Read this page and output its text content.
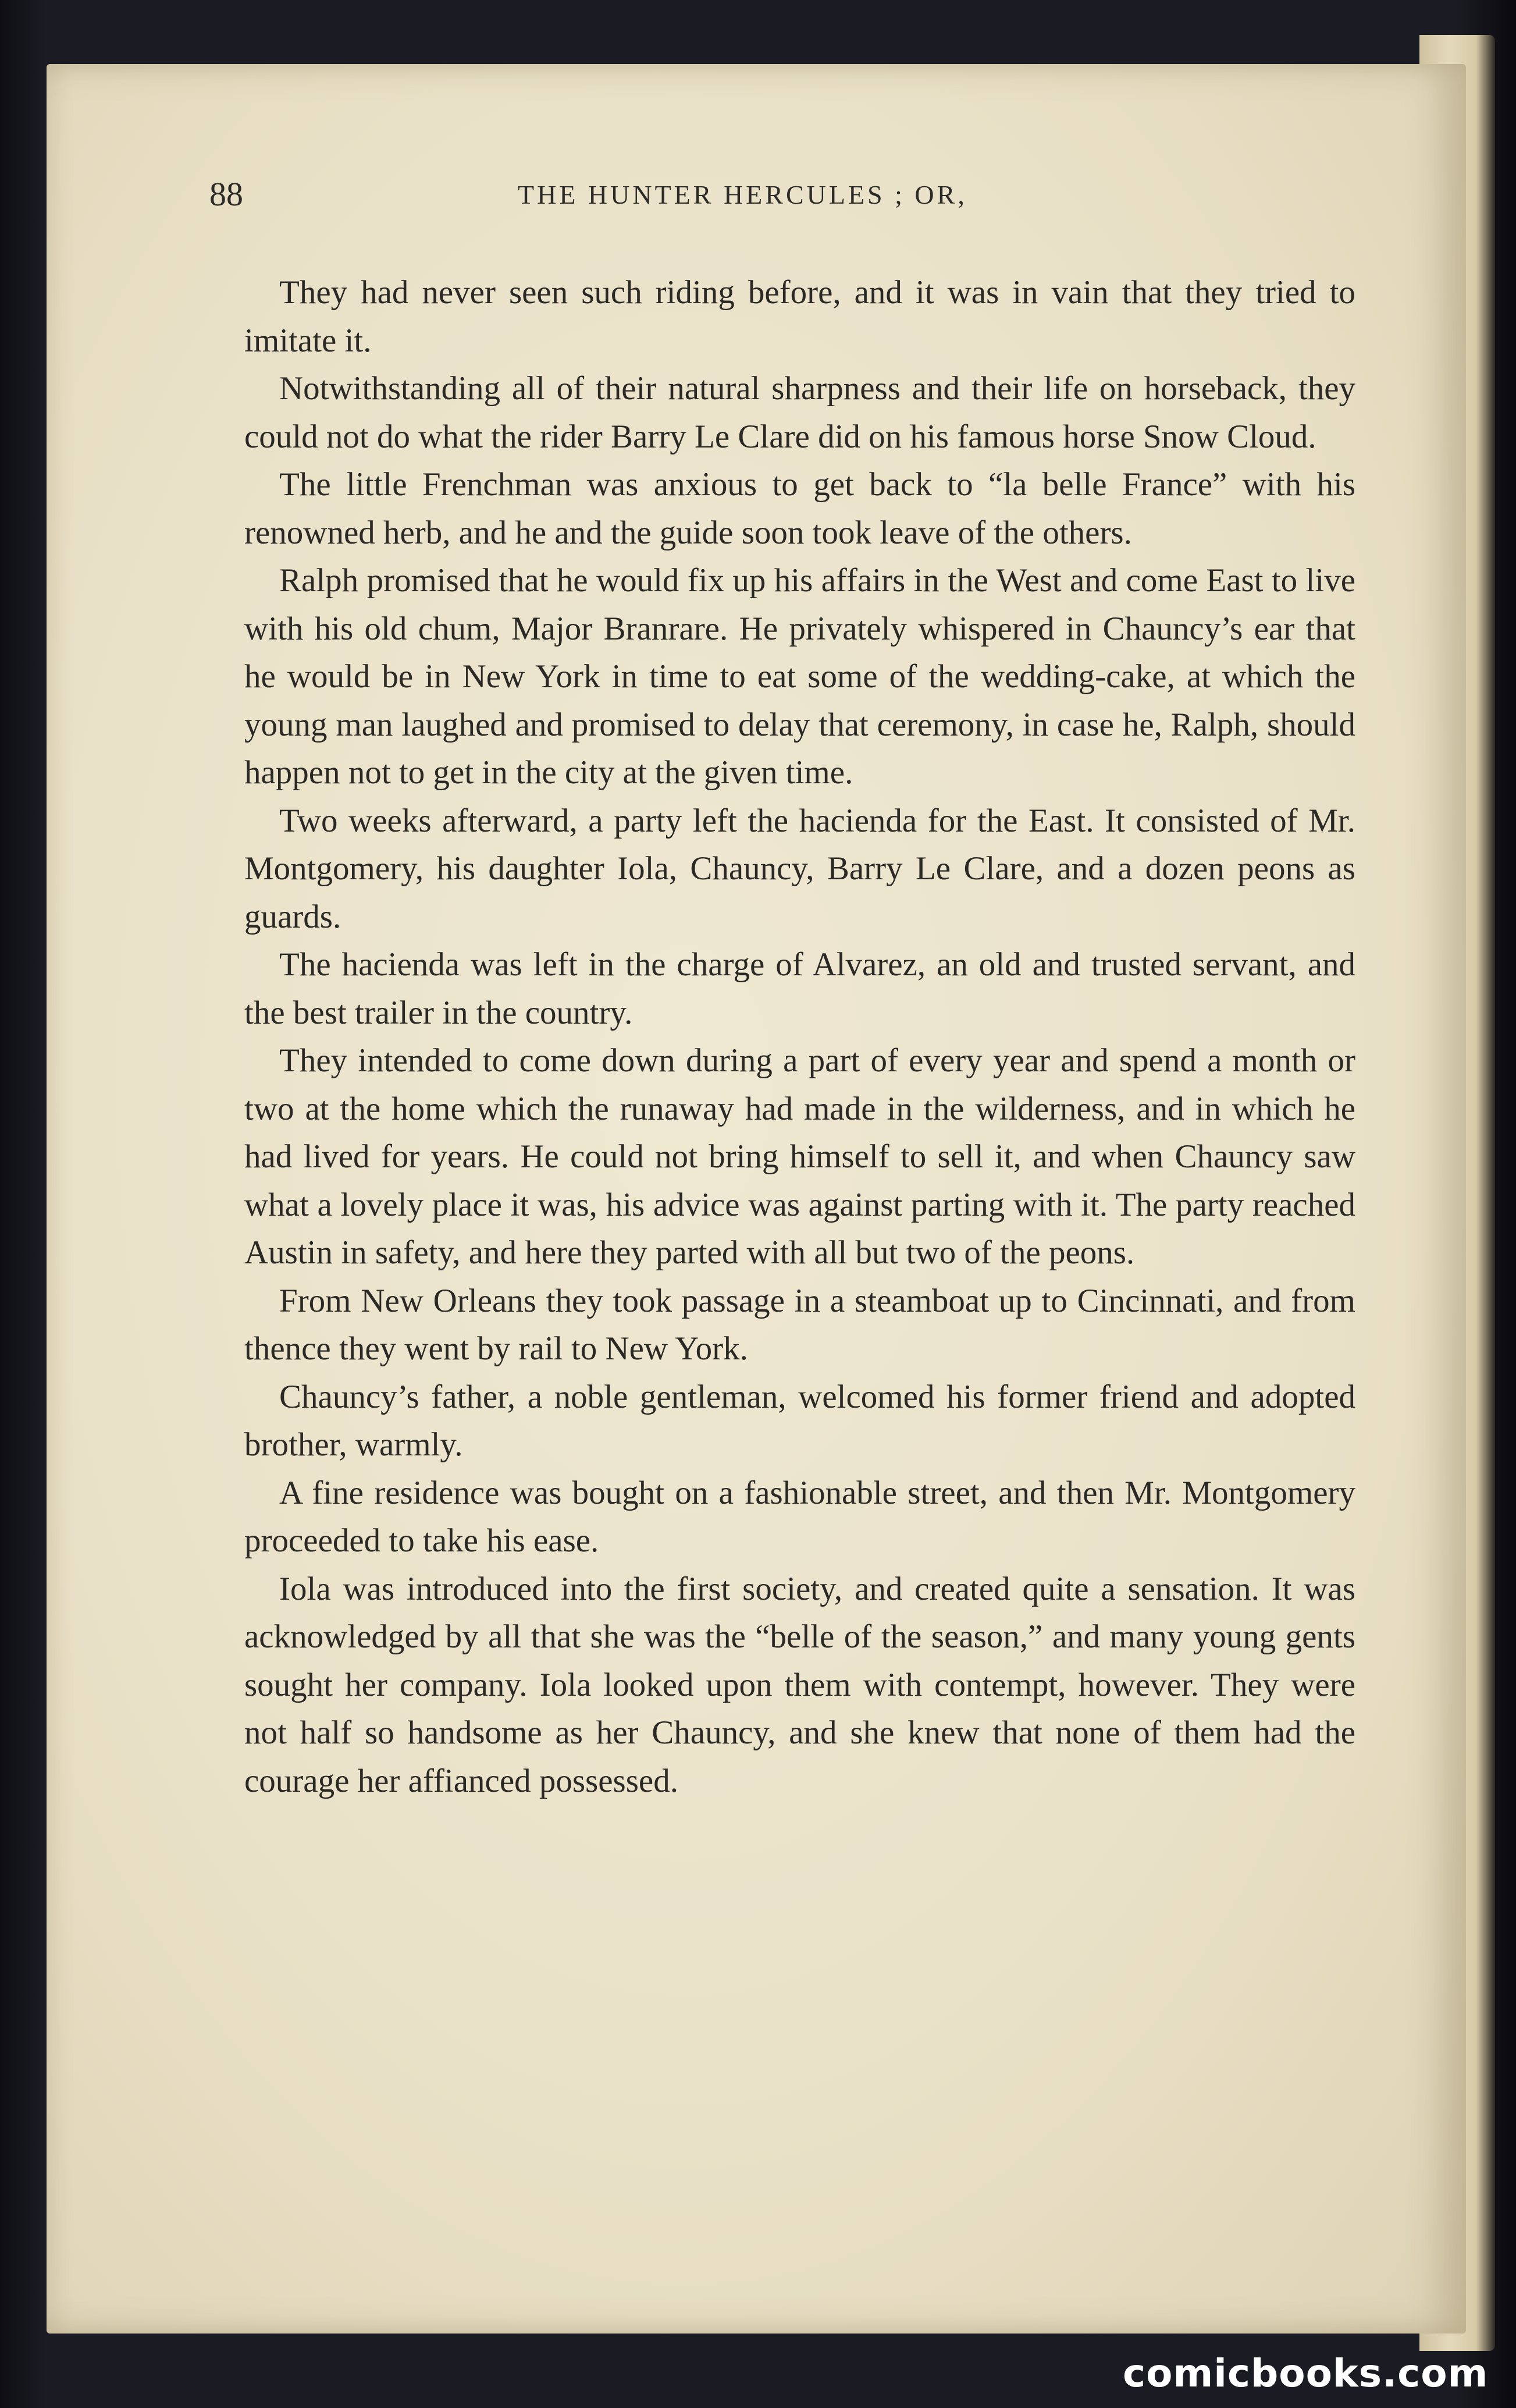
88	THE HUNTER HERCULES ; OR,

They had never seen such riding before, and it was in vain that they tried to imitate it.

Notwithstanding all of their natural sharpness and their life on horseback, they could not do what the rider Barry Le Clare did on his famous horse Snow Cloud.

The little Frenchman was anxious to get back to “la belle France” with his renowned herb, and he and the guide soon took leave of the others.

Ralph promised that he would fix up his affairs in the West and come East to live with his old chum, Major Branrare. He privately whispered in Chauncy’s ear that he would be in New York in time to eat some of the wedding-cake, at which the young man laughed and promised to delay that ceremony, in case he, Ralph, should happen not to get in the city at the given time.

Two weeks afterward, a party left the hacienda for the East. It consisted of Mr. Montgomery, his daughter Iola, Chauncy, Barry Le Clare, and a dozen peons as guards.

The hacienda was left in the charge of Alvarez, an old and trusted servant, and the best trailer in the country.

They intended to come down during a part of every year and spend a month or two at the home which the runaway had made in the wilderness, and in which he had lived for years. He could not bring himself to sell it, and when Chauncy saw what a lovely place it was, his advice was against parting with it. The party reached Austin in safety, and here they parted with all but two of the peons.

From New Orleans they took passage in a steamboat up to Cincinnati, and from thence they went by rail to New York.

Chauncy’s father, a noble gentleman, welcomed his former friend and adopted brother, warmly.

A fine residence was bought on a fashionable street, and then Mr. Montgomery proceeded to take his ease.

Iola was introduced into the first society, and created quite a sensation. It was acknowledged by all that she was the “belle of the season,” and many young gents sought her company. Iola looked upon them with contempt, however. They were not half so handsome as her Chauncy, and she knew that none of them had the courage her affianced possessed.

comicbooks.com
